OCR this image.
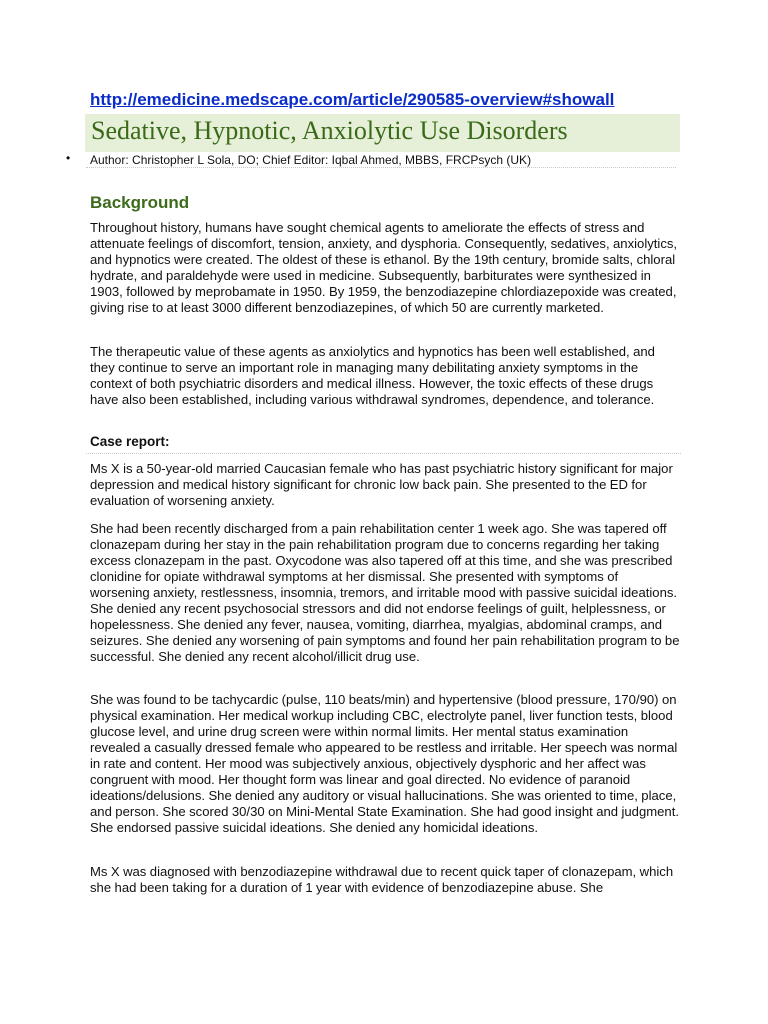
http://emedicine.medscape.com/article/290585-overview#showall
Sedative, Hypnotic, Anxiolytic Use Disorders
• Author: Christopher L Sola, DO; Chief Editor: Iqbal Ahmed, MBBS, FRCPsych (UK)
Background

Throughout history, humans have sought chemical agents to ameliorate the effects of stress and attenuate feelings of discomfort, tension, anxiety, and dysphoria. Consequently, sedatives, anxiolytics, and hypnotics were created. The oldest of these is ethanol. By the 19th century, bromide salts, chloral hydrate, and paraldehyde were used in medicine. Subsequently, barbiturates were synthesized in 1903, followed by meprobamate in 1950. By 1959, the benzodiazepine chlordiazepoxide was created, giving rise to at least 3000 different benzodiazepines, of which 50 are currently marketed.

The therapeutic value of these agents as anxiolytics and hypnotics has been well established, and they continue to serve an important role in managing many debilitating anxiety symptoms in the context of both psychiatric disorders and medical illness. However, the toxic effects of these drugs have also been established, including various withdrawal syndromes, dependence, and tolerance.

Case report:

Ms X is a 50-year-old married Caucasian female who has past psychiatric history significant for major depression and medical history significant for chronic low back pain. She presented to the ED for evaluation of worsening anxiety.

She had been recently discharged from a pain rehabilitation center 1 week ago. She was tapered off clonazepam during her stay in the pain rehabilitation program due to concerns regarding her taking excess clonazepam in the past. Oxycodone was also tapered off at this time, and she was prescribed clonidine for opiate withdrawal symptoms at her dismissal. She presented with symptoms of worsening anxiety, restlessness, insomnia, tremors, and irritable mood with passive suicidal ideations. She denied any recent psychosocial stressors and did not endorse feelings of guilt, helplessness, or hopelessness. She denied any fever, nausea, vomiting, diarrhea, myalgias, abdominal cramps, and seizures. She denied any worsening of pain symptoms and found her pain rehabilitation program to be successful. She denied any recent alcohol/illicit drug use.

She was found to be tachycardic (pulse, 110 beats/min) and hypertensive (blood pressure, 170/90) on physical examination. Her medical workup including CBC, electrolyte panel, liver function tests, blood glucose level, and urine drug screen were within normal limits. Her mental status examination revealed a casually dressed female who appeared to be restless and irritable. Her speech was normal in rate and content. Her mood was subjectively anxious, objectively dysphoric and her affect was congruent with mood. Her thought form was linear and goal directed. No evidence of paranoid ideations/delusions. She denied any auditory or visual hallucinations. She was oriented to time, place, and person. She scored 30/30 on Mini-Mental State Examination. She had good insight and judgment. She endorsed passive suicidal ideations. She denied any homicidal ideations.

Ms X was diagnosed with benzodiazepine withdrawal due to recent quick taper of clonazepam, which she had been taking for a duration of 1 year with evidence of benzodiazepine abuse. She
